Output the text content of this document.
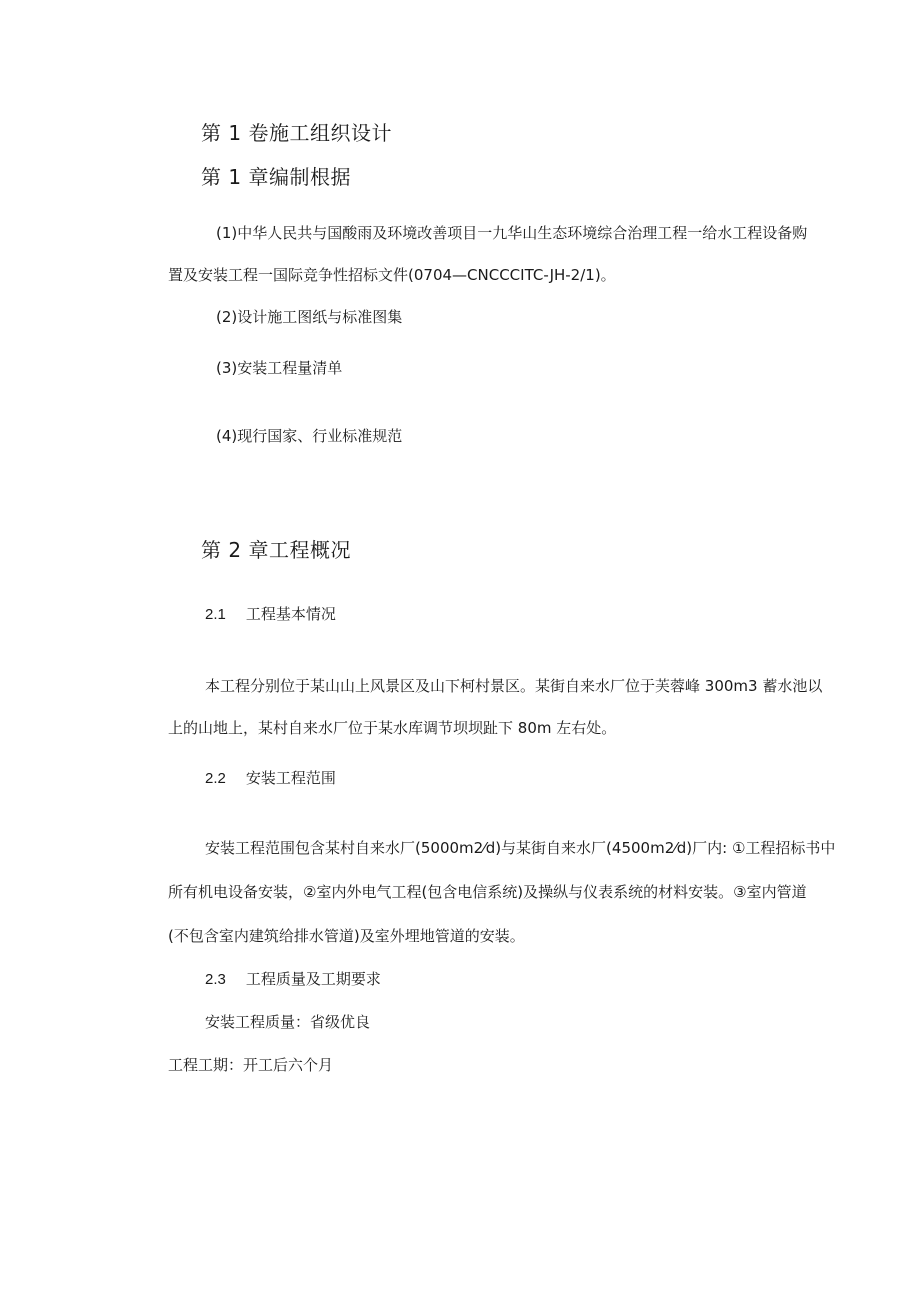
第 1 卷施工组织设计
第 1 章编制根据
(1)中华人民共与国酸雨及环境改善项目一九华山生态环境综合治理工程一给水工程设备购
置及安装工程一国际竞争性招标文件(0704—CNCCCITC-JH-2/1)。
(2)设计施工图纸与标准图集
(3)安装工程量清单
(4)现行国家、行业标准规范
第 2 章工程概况
2.1 工程基本情况
本工程分别位于某山山上风景区及山下柯村景区。某街自来水厂位于芙蓉峰 300m3 蓄水池以
上的山地上，某村自来水厂位于某水库调节坝坝趾下 80m 左右处。
2.2 安装工程范围
安装工程范围包含某村自来水厂(5000m2⁄d)与某街自来水厂(4500m2⁄d)厂内: ①工程招标书中
所有机电设备安装，②室内外电气工程(包含电信系统)及操纵与仪表系统的材料安装。③室内管道
(不包含室内建筑给排水管道)及室外埋地管道的安装。
2.3 工程质量及工期要求
安装工程质量：省级优良
工程工期：开工后六个月
